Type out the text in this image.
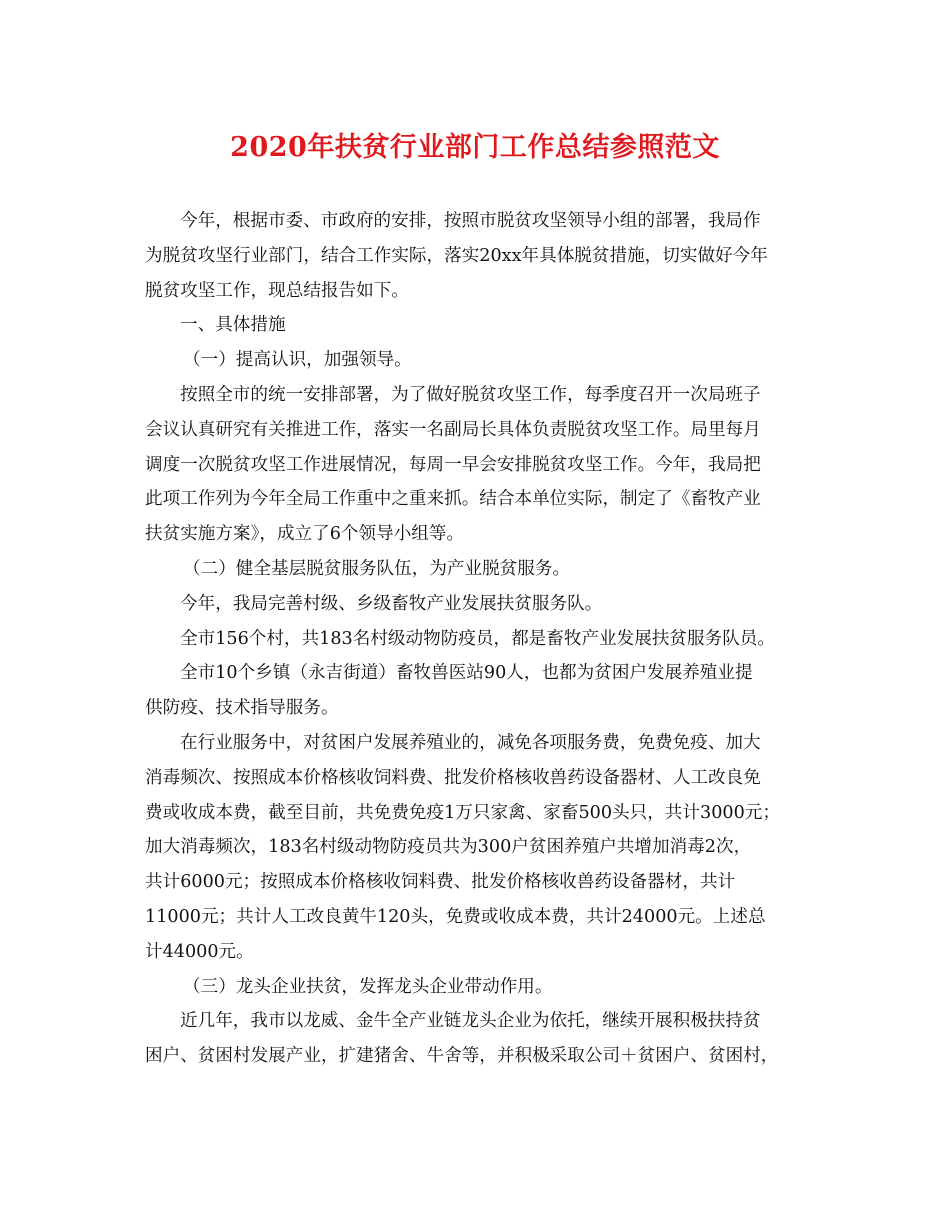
2020年扶贫行业部门工作总结参照范文
今年，根据市委、市政府的安排，按照市脱贫攻坚领导小组的部署，我局作
为脱贫攻坚行业部门，结合工作实际，落实20xx年具体脱贫措施，切实做好今年
脱贫攻坚工作，现总结报告如下。
一、具体措施
（一）提高认识，加强领导。
按照全市的统一安排部署，为了做好脱贫攻坚工作，每季度召开一次局班子
会议认真研究有关推进工作，落实一名副局长具体负责脱贫攻坚工作。局里每月
调度一次脱贫攻坚工作进展情况，每周一早会安排脱贫攻坚工作。今年，我局把
此项工作列为今年全局工作重中之重来抓。结合本单位实际，制定了《畜牧产业
扶贫实施方案》，成立了6个领导小组等。
（二）健全基层脱贫服务队伍，为产业脱贫服务。
今年，我局完善村级、乡级畜牧产业发展扶贫服务队。
全市156个村，共183名村级动物防疫员，都是畜牧产业发展扶贫服务队员。
全市10个乡镇（永吉街道）畜牧兽医站90人，也都为贫困户发展养殖业提
供防疫、技术指导服务。
在行业服务中，对贫困户发展养殖业的，减免各项服务费，免费免疫、加大
消毒频次、按照成本价格核收饲料费、批发价格核收兽药设备器材、人工改良免
费或收成本费，截至目前，共免费免疫1万只家禽、家畜500头只，共计3000元；
加大消毒频次，183名村级动物防疫员共为300户贫困养殖户共增加消毒2次，
共计6000元；按照成本价格核收饲料费、批发价格核收兽药设备器材，共计
11000元；共计人工改良黄牛120头，免费或收成本费，共计24000元。上述总
计44000元。
（三）龙头企业扶贫，发挥龙头企业带动作用。
近几年，我市以龙威、金牛全产业链龙头企业为依托，继续开展积极扶持贫
困户、贫困村发展产业，扩建猪舍、牛舍等，并积极采取公司＋贫困户、贫困村，
